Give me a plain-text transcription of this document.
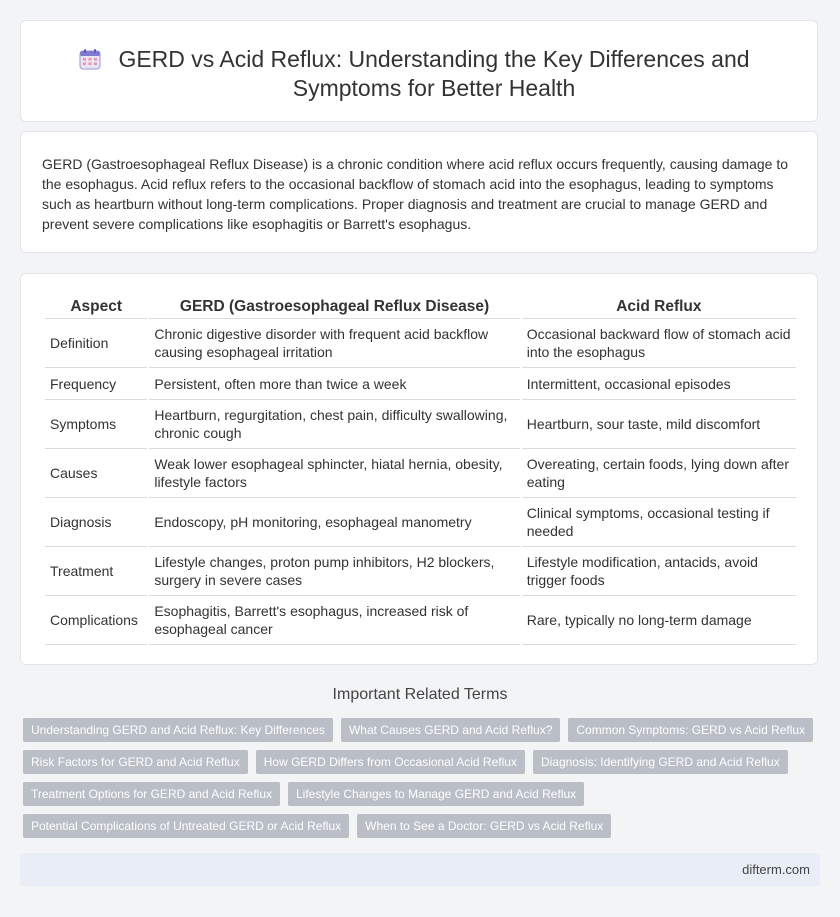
GERD vs Acid Reflux: Understanding the Key Differences and Symptoms for Better Health

GERD (Gastroesophageal Reflux Disease) is a chronic condition where acid reflux occurs frequently, causing damage to the esophagus. Acid reflux refers to the occasional backflow of stomach acid into the esophagus, leading to symptoms such as heartburn without long-term complications. Proper diagnosis and treatment are crucial to manage GERD and prevent severe complications like esophagitis or Barrett's esophagus.

Aspect	GERD (Gastroesophageal Reflux Disease)	Acid Reflux
Definition	Chronic digestive disorder with frequent acid backflow causing esophageal irritation	Occasional backward flow of stomach acid into the esophagus
Frequency	Persistent, often more than twice a week	Intermittent, occasional episodes
Symptoms	Heartburn, regurgitation, chest pain, difficulty swallowing, chronic cough	Heartburn, sour taste, mild discomfort
Causes	Weak lower esophageal sphincter, hiatal hernia, obesity, lifestyle factors	Overeating, certain foods, lying down after eating
Diagnosis	Endoscopy, pH monitoring, esophageal manometry	Clinical symptoms, occasional testing if needed
Treatment	Lifestyle changes, proton pump inhibitors, H2 blockers, surgery in severe cases	Lifestyle modification, antacids, avoid trigger foods
Complications	Esophagitis, Barrett's esophagus, increased risk of esophageal cancer	Rare, typically no long-term damage
Important Related Terms
Understanding GERD and Acid Reflux: Key Differences	What Causes GERD and Acid Reflux?	Common Symptoms: GERD vs Acid Reflux
Risk Factors for GERD and Acid Reflux	How GERD Differs from Occasional Acid Reflux	Diagnosis: Identifying GERD and Acid Reflux
Treatment Options for GERD and Acid Reflux	Lifestyle Changes to Manage GERD and Acid Reflux
Potential Complications of Untreated GERD or Acid Reflux	When to See a Doctor: GERD vs Acid Reflux
difterm.com
